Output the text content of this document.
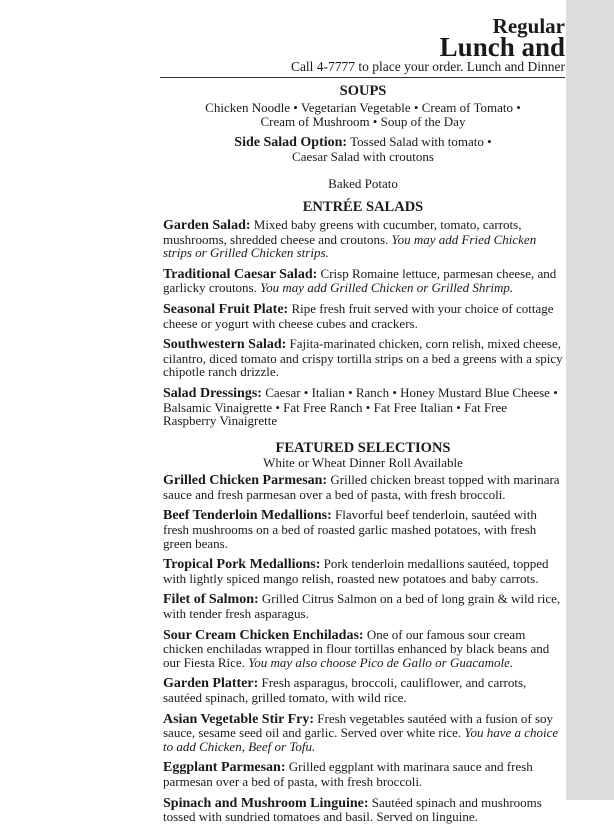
Regular
Lunch and
Call 4-7777 to place your order. Lunch and Dinner

SOUPS

Chicken Noodle • Vegetarian Vegetable • Cream of Tomato •

Cream of Mushroom • Soup of the Day

Side Salad Option: Tossed Salad with tomato •

Caesar Salad with croutons

Baked Potato

ENTRÉE SALADS

Garden Salad: Mixed baby greens with cucumber, tomato, carrots, mushrooms, shredded cheese and croutons. You may add Fried Chicken strips or Grilled Chicken strips.

Traditional Caesar Salad: Crisp Romaine lettuce, parmesan cheese, and garlicky croutons. You may add Grilled Chicken or Grilled Shrimp.

Seasonal Fruit Plate: Ripe fresh fruit served with your choice of cottage cheese or yogurt with cheese cubes and crackers.

Southwestern Salad: Fajita-marinated chicken, corn relish, mixed cheese, cilantro, diced tomato and crispy tortilla strips on a bed a greens with a spicy chipotle ranch drizzle.

Salad Dressings: Caesar • Italian • Ranch • Honey Mustard Blue Cheese • Balsamic Vinaigrette • Fat Free Ranch • Fat Free Italian • Fat Free Raspberry Vinaigrette

FEATURED SELECTIONS

White or Wheat Dinner Roll Available

Grilled Chicken Parmesan: Grilled chicken breast topped with marinara sauce and fresh parmesan over a bed of pasta, with fresh broccoli.

Beef Tenderloin Medallions: Flavorful beef tenderloin, sautéed with fresh mushrooms on a bed of roasted garlic mashed potatoes, with fresh green beans.

Tropical Pork Medallions: Pork tenderloin medallions sautéed, topped with lightly spiced mango relish, roasted new potatoes and baby carrots.

Filet of Salmon: Grilled Citrus Salmon on a bed of long grain & wild rice, with tender fresh asparagus.

Sour Cream Chicken Enchiladas: One of our famous sour cream chicken enchiladas wrapped in flour tortillas enhanced by black beans and our Fiesta Rice. You may also choose Pico de Gallo or Guacamole.

Garden Platter: Fresh asparagus, broccoli, cauliflower, and carrots, sautéed spinach, grilled tomato, with wild rice.

Asian Vegetable Stir Fry: Fresh vegetables sautéed with a fusion of soy sauce, sesame seed oil and garlic. Served over white rice. You have a choice to add Chicken, Beef or Tofu.

Eggplant Parmesan: Grilled eggplant with marinara sauce and fresh parmesan over a bed of pasta, with fresh broccoli.

Spinach and Mushroom Linguine: Sautéed spinach and mushrooms tossed with sundried tomatoes and basil. Served on linguine.
